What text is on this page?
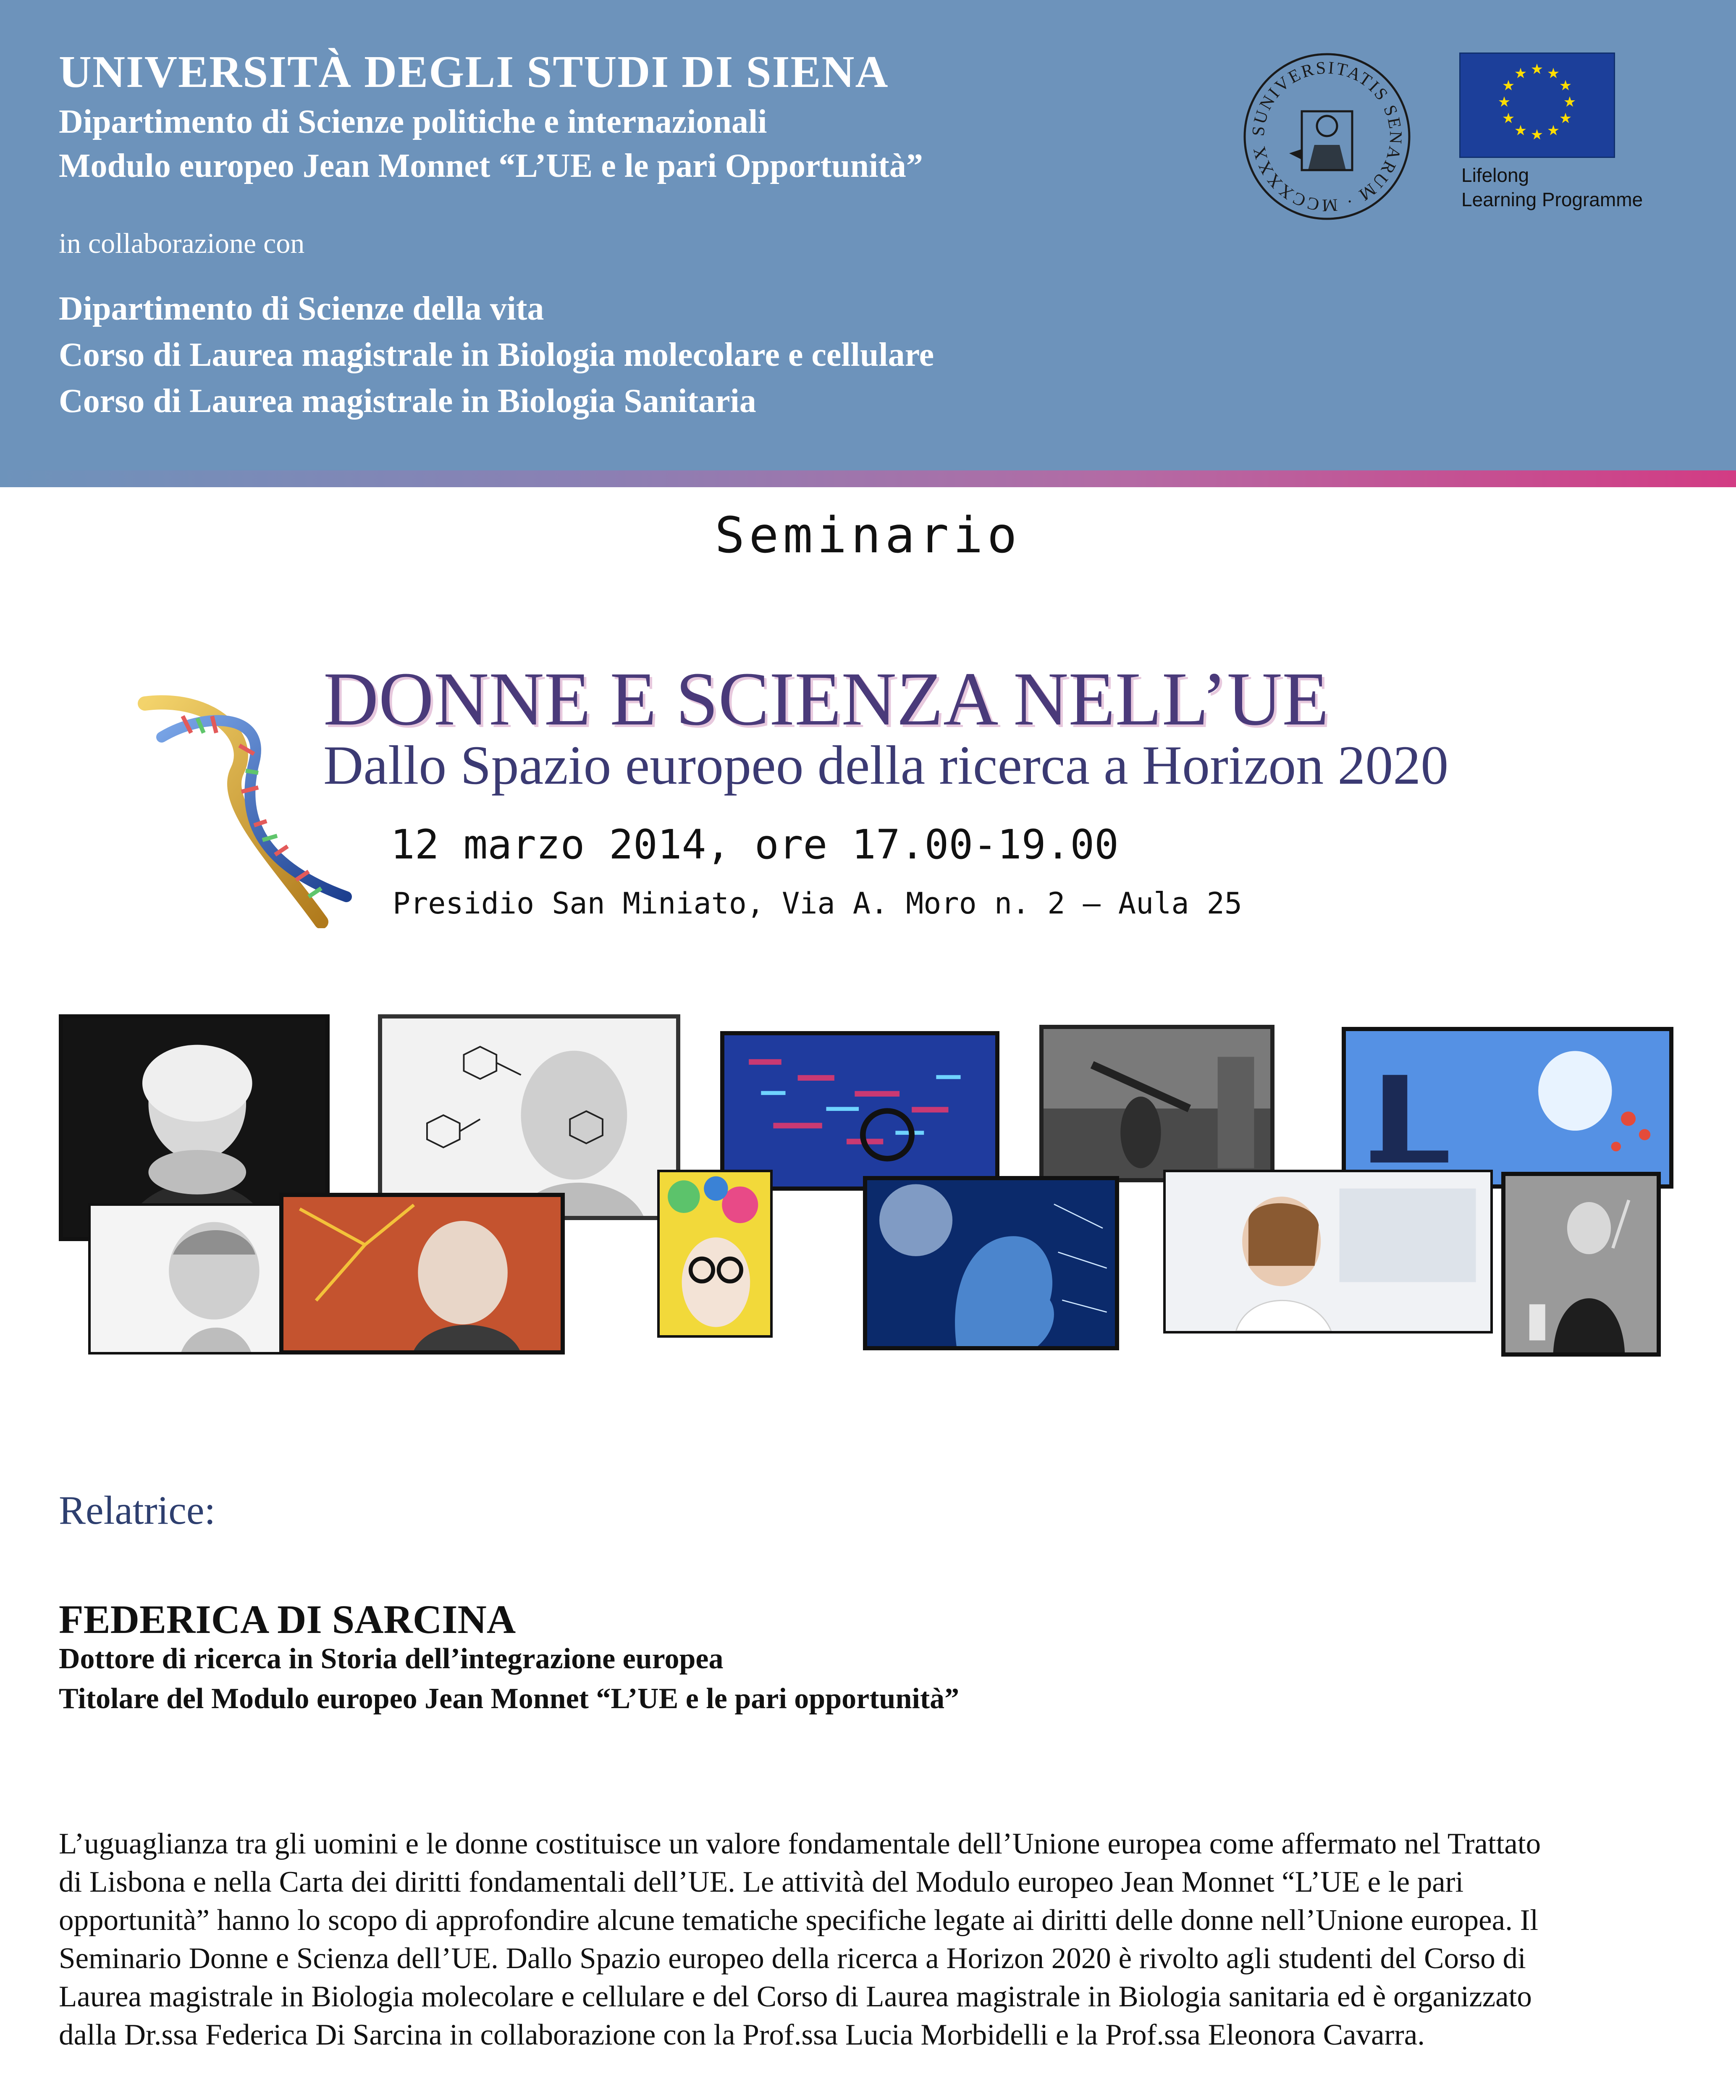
UNIVERSITÀ DEGLI STUDI DI SIENA
Dipartimento di Scienze politiche e internazionali
Modulo europeo Jean Monnet “L’UE e le pari Opportunità”
in collaborazione con
Dipartimento di Scienze della vita
Corso di Laurea magistrale in Biologia molecolare e cellulare
Corso di Laurea magistrale in Biologia Sanitaria
SUNIVERSITATIS SENARUM · MCCXXXX
★ ★
★
★
★
★
★
★
★
★
★
★
Lifelong
Learning Programme
Seminario
DONNE E SCIENZA NELL’UE
Dallo Spazio europeo della ricerca a Horizon 2020
12 marzo 2014, ore 17.00-19.00
Presidio San Miniato, Via A. Moro n. 2 – Aula 25
Relatrice:
FEDERICA DI SARCINA
Dottore di ricerca in Storia dell’integrazione europea
Titolare del Modulo europeo Jean Monnet “L’UE e le pari opportunità”
L’uguaglianza tra gli uomini e le donne costituisce un valore fondamentale dell’Unione europea come affermato nel Trattato di Lisbona e nella Carta dei diritti fondamentali dell’UE. Le attività del Modulo europeo Jean Monnet “L’UE e le pari opportunità” hanno lo scopo di approfondire alcune tematiche specifiche legate ai diritti delle donne nell’Unione europea. Il Seminario Donne e Scienza dell’UE. Dallo Spazio europeo della ricerca a Horizon 2020 è rivolto agli studenti del Corso di Laurea magistrale in Biologia molecolare e cellulare e del Corso di Laurea magistrale in Biologia sanitaria ed è organizzato dalla Dr.ssa Federica Di Sarcina in collaborazione con la Prof.ssa Lucia Morbidelli e la Prof.ssa Eleonora Cavarra.
